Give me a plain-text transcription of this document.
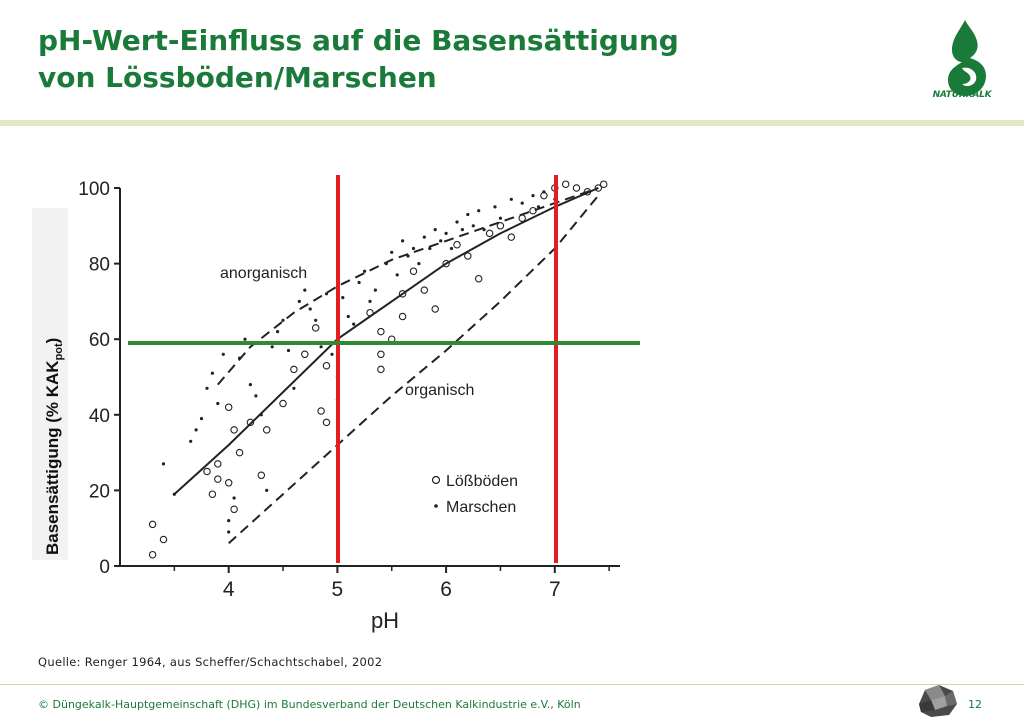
pH-Wert-Einfluss auf die Basensättigung
von Lössböden/Marschen
NATURKALK
0
20
40
60
80
100
4	5	6	7
Basensättigung (% $KAK_{pot}$)
pH
anorganisch
organisch
Lößböden
Marschen
Quelle: Renger 1964, aus Scheffer/Schachtschabel, 2002
© Düngekalk-Hauptgemeinschaft (DHG) im Bundesverband der Deutschen Kalkindustrie e.V., Köln	12
